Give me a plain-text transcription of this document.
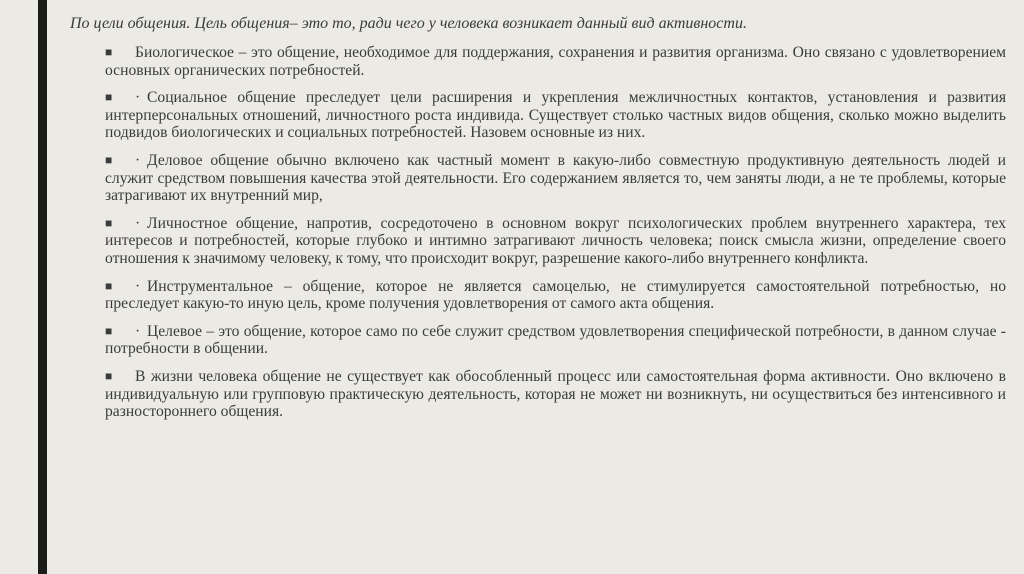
По цели общения. Цель общения– это то, ради чего у человека возникает данный вид активности.
■ Биологическое – это общение, необходимое для поддержания, сохранения и развития организма. Оно связано с удовлетворением основных органических потребностей.
■ · Социальное общение преследует цели расширения и укрепления межличностных контактов, установления и развития интерперсональных отношений, личностного роста индивида. Существует столько частных видов общения, сколько можно выделить подвидов биологических и социальных потребностей. Назовем основные из них.
■ · Деловое общение обычно включено как частный момент в какую-либо совместную продуктивную деятельность людей и служит средством повышения качества этой деятельности. Его содержанием является то, чем заняты люди, а не те проблемы, которые затрагивают их внутренний мир,
■ · Личностное общение, напротив, сосредоточено в основном вокруг психологических проблем внутреннего характера, тех интересов и потребностей, которые глубоко и интимно затрагивают личность человека; поиск смысла жизни, определение своего отношения к значимому человеку, к тому, что происходит вокруг, разрешение какого-либо внутреннего конфликта.
■ · Инструментальное – общение, которое не является самоцелью, не стимулируется самостоятельной потребностью, но преследует какую-то иную цель, кроме получения удовлетворения от самого акта общения.
■ · Целевое – это общение, которое само по себе служит средством удовлетворения специфической потребности, в данном случае - потребности в общении.
■ В жизни человека общение не существует как обособленный процесс или самостоятельная форма активности. Оно включено в индивидуальную или групповую практическую деятельность, которая не может ни возникнуть, ни осуществиться без интенсивного и разностороннего общения.
